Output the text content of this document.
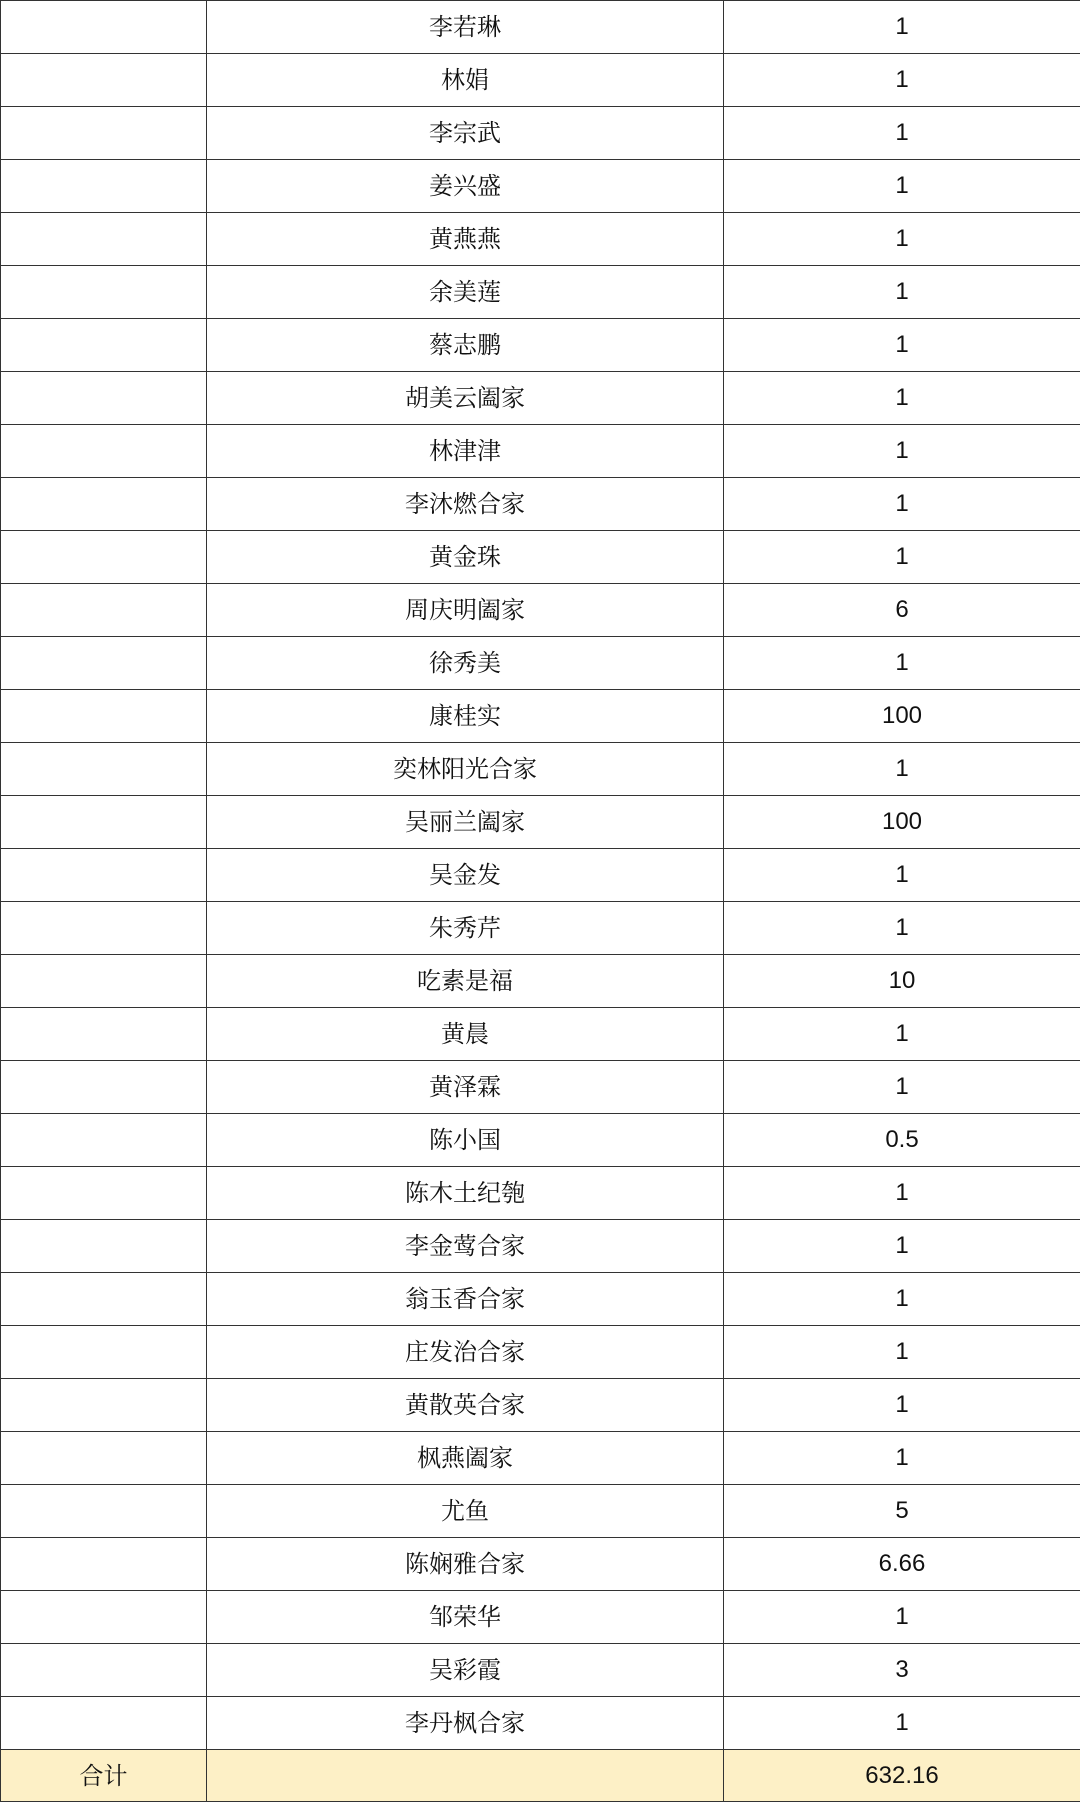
	李若琳	1
	林娟	1
	李宗武	1
	姜兴盛	1
	黄燕燕	1
	余美莲	1
	蔡志鹏	1
	胡美云阖家	1
	林津津	1
	李沐燃合家	1
	黄金珠	1
	周庆明阖家	6
	徐秀美	1
	康桂实	100
	奕林阳光合家	1
	吴丽兰阖家	100
	吴金发	1
	朱秀芹	1
	吃素是福	10
	黄晨	1
	黄泽霖	1
	陈小国	0.5
	陈木土纪匏	1
	李金莺合家	1
	翁玉香合家	1
	庄发治合家	1
	黄散英合家	1
	枫燕阖家	1
	尤鱼	5
	陈娴雅合家	6.66
	邹荣华	1
	吴彩霞	3
	李丹枫合家	1
合计		632.16
